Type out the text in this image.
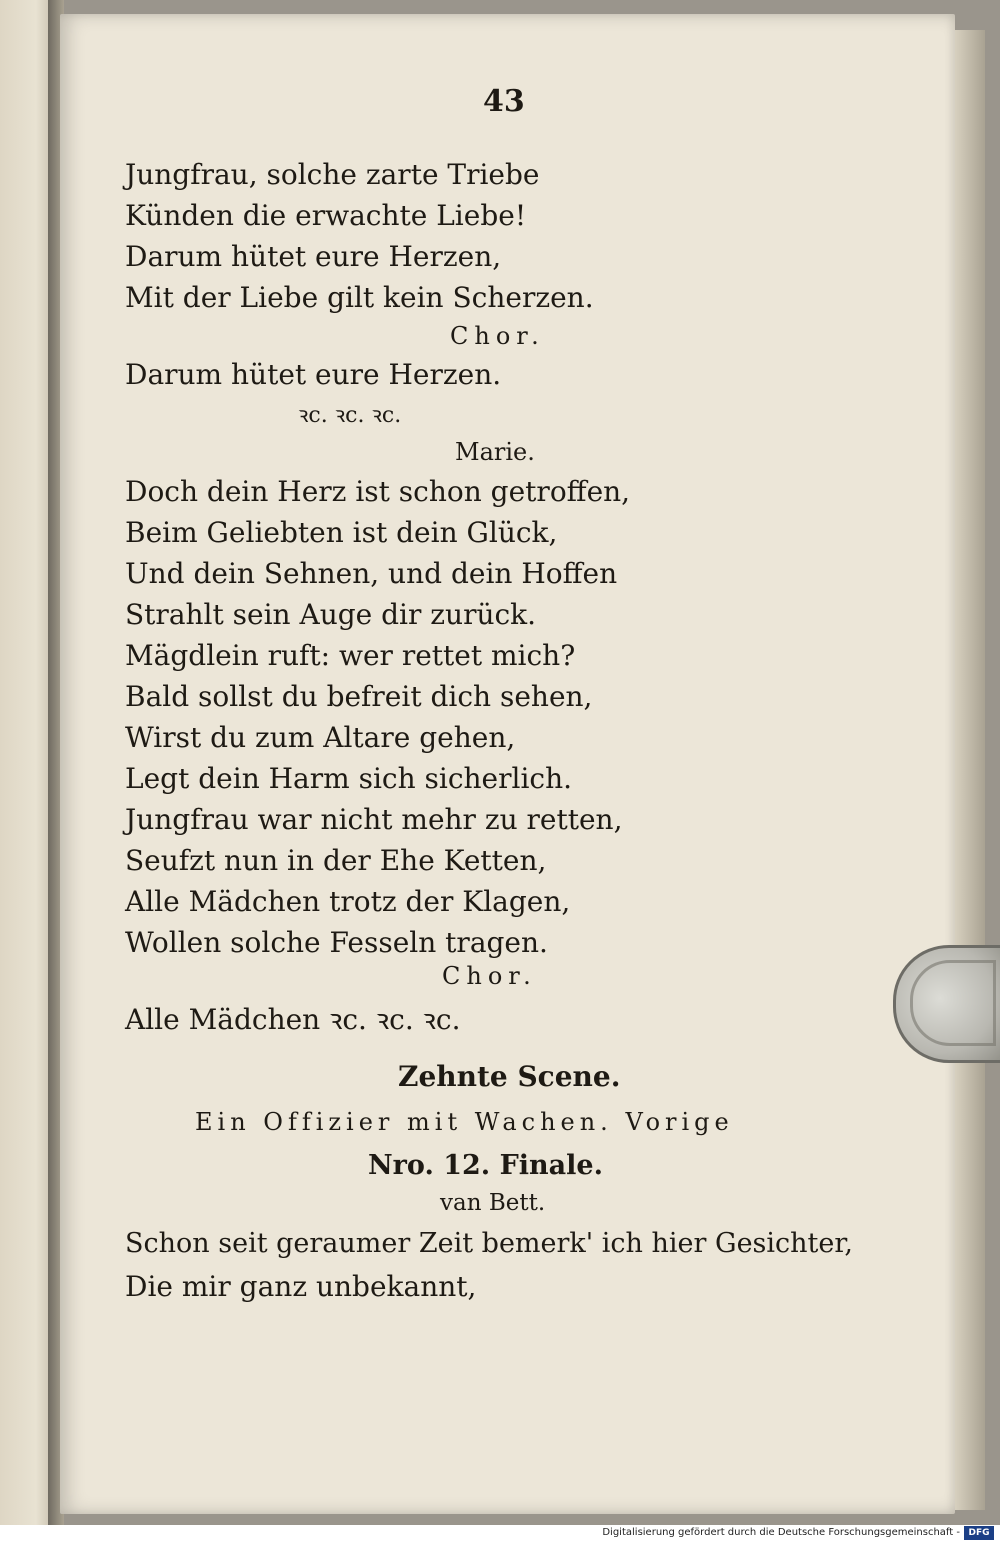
43
Jungfrau, solche zarte Triebe
Künden die erwachte Liebe!
Darum hütet eure Herzen,
Mit der Liebe gilt kein Scherzen.
Chor.
Darum hütet eure Herzen.
ꝛc. ꝛc. ꝛc.
Marie.
Doch dein Herz ist schon getroffen,
Beim Geliebten ist dein Glück,
Und dein Sehnen, und dein Hoffen
Strahlt sein Auge dir zurück.
Mägdlein ruft: wer rettet mich?
Bald sollst du befreit dich sehen,
Wirst du zum Altare gehen,
Legt dein Harm sich sicherlich.
Jungfrau war nicht mehr zu retten,
Seufzt nun in der Ehe Ketten,
Alle Mädchen trotz der Klagen,
Wollen solche Fesseln tragen.
Chor.
Alle Mädchen ꝛc. ꝛc. ꝛc.
Zehnte Scene.
Ein Offizier mit Wachen. Vorige
Nro. 12. Finale.
van Bett.
Schon seit geraumer Zeit bemerk' ich hier Gesichter,
Die mir ganz unbekannt,
Digitalisierung gefördert durch die Deutsche Forschungsgemeinschaft - DFG
